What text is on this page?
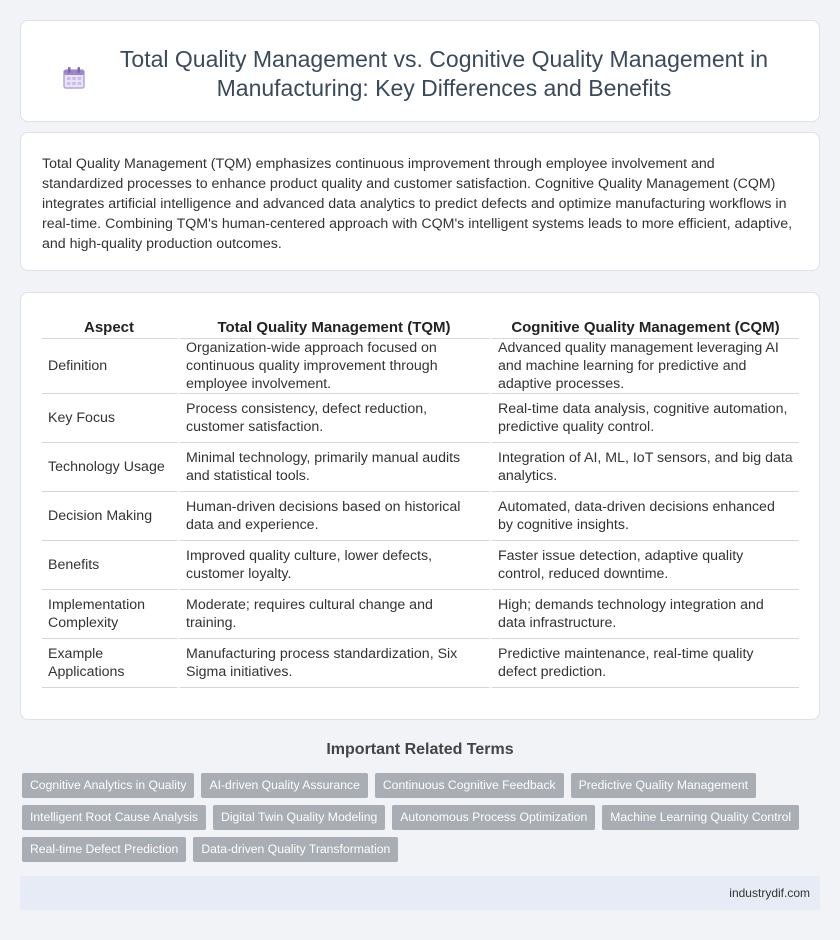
Total Quality Management vs. Cognitive Quality Management in Manufacturing: Key Differences and Benefits

Total Quality Management (TQM) emphasizes continuous improvement through employee involvement and standardized processes to enhance product quality and customer satisfaction. Cognitive Quality Management (CQM) integrates artificial intelligence and advanced data analytics to predict defects and optimize manufacturing workflows in real-time. Combining TQM's human-centered approach with CQM's intelligent systems leads to more efficient, adaptive, and high-quality production outcomes.

Aspect	Total Quality Management (TQM)	Cognitive Quality Management (CQM)
Definition	Organization-wide approach focused on continuous quality improvement through employee involvement.	Advanced quality management leveraging AI and machine learning for predictive and adaptive processes.
Key Focus	Process consistency, defect reduction, customer satisfaction.	Real-time data analysis, cognitive automation, predictive quality control.
Technology Usage	Minimal technology, primarily manual audits and statistical tools.	Integration of AI, ML, IoT sensors, and big data analytics.
Decision Making	Human-driven decisions based on historical data and experience.	Automated, data-driven decisions enhanced by cognitive insights.
Benefits	Improved quality culture, lower defects, customer loyalty.	Faster issue detection, adaptive quality control, reduced downtime.
Implementation Complexity	Moderate; requires cultural change and training.	High; demands technology integration and data infrastructure.
Example Applications	Manufacturing process standardization, Six Sigma initiatives.	Predictive maintenance, real-time quality defect prediction.
Important Related Terms
Cognitive Analytics in Quality	AI-driven Quality Assurance	Continuous Cognitive Feedback	Predictive Quality Management
Intelligent Root Cause Analysis	Digital Twin Quality Modeling	Autonomous Process Optimization	Machine Learning Quality Control
Real-time Defect Prediction	Data-driven Quality Transformation
industrydif.com
